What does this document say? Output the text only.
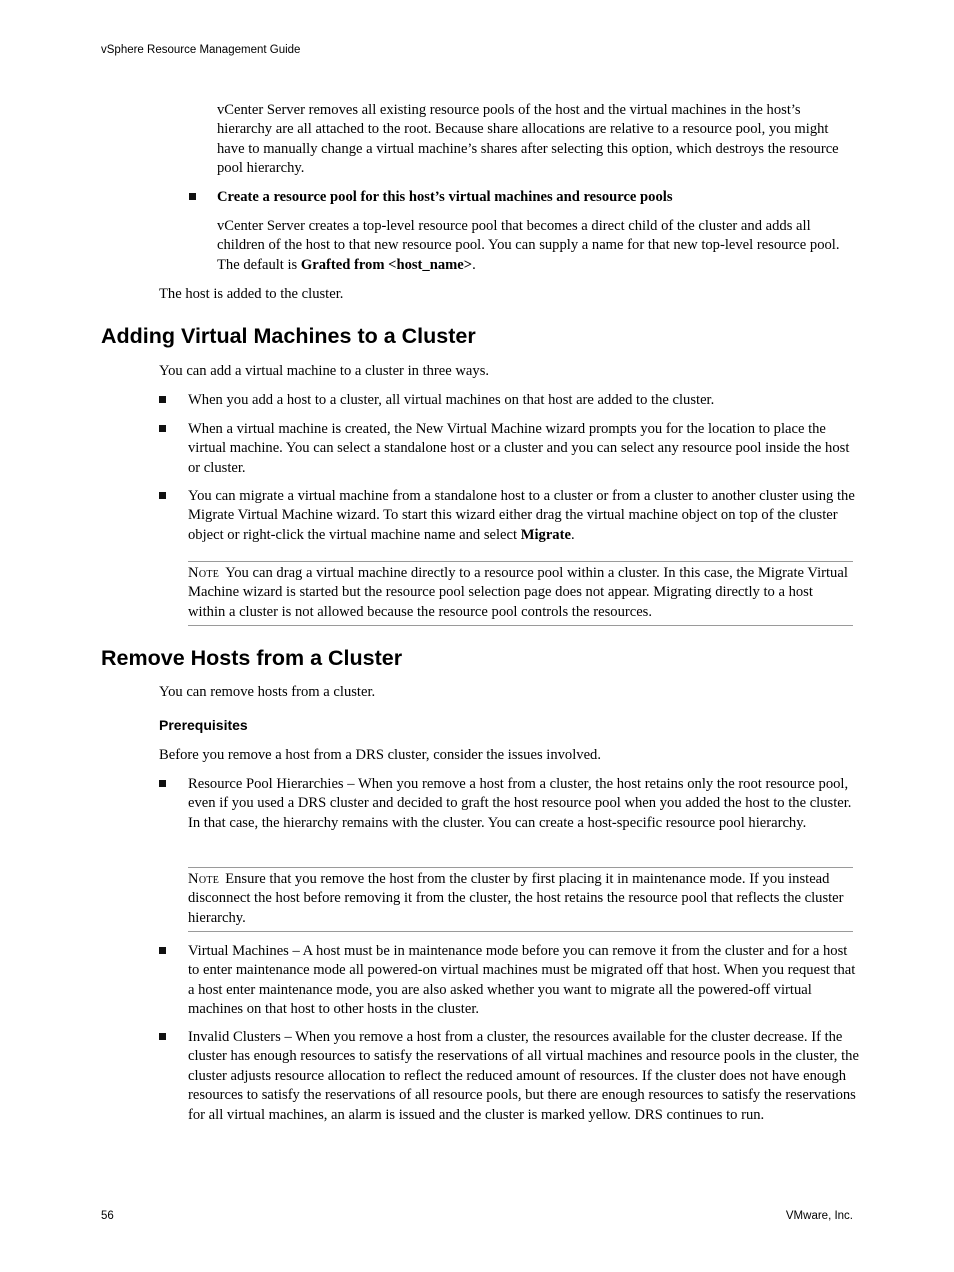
vSphere Resource Management Guide

vCenter Server removes all existing resource pools of the host and the virtual machines in the host’s hierarchy are all attached to the root. Because share allocations are relative to a resource pool, you might have to manually change a virtual machine’s shares after selecting this option, which destroys the resource pool hierarchy.

Create a resource pool for this host’s virtual machines and resource pools

vCenter Server creates a top-level resource pool that becomes a direct child of the cluster and adds all children of the host to that new resource pool. You can supply a name for that new top-level resource pool. The default is Grafted from <host_name>.

The host is added to the cluster.

Adding Virtual Machines to a Cluster

You can add a virtual machine to a cluster in three ways.

When you add a host to a cluster, all virtual machines on that host are added to the cluster.

When a virtual machine is created, the New Virtual Machine wizard prompts you for the location to place the virtual machine. You can select a standalone host or a cluster and you can select any resource pool inside the host or cluster.

You can migrate a virtual machine from a standalone host to a cluster or from a cluster to another cluster using the Migrate Virtual Machine wizard. To start this wizard either drag the virtual machine object on top of the cluster object or right-click the virtual machine name and select Migrate.

Note You can drag a virtual machine directly to a resource pool within a cluster. In this case, the Migrate Virtual Machine wizard is started but the resource pool selection page does not appear. Migrating directly to a host within a cluster is not allowed because the resource pool controls the resources.
Remove Hosts from a Cluster

You can remove hosts from a cluster.

Prerequisites

Before you remove a host from a DRS cluster, consider the issues involved.

Resource Pool Hierarchies – When you remove a host from a cluster, the host retains only the root resource pool, even if you used a DRS cluster and decided to graft the host resource pool when you added the host to the cluster. In that case, the hierarchy remains with the cluster. You can create a host-specific resource pool hierarchy.

Note Ensure that you remove the host from the cluster by first placing it in maintenance mode. If you instead disconnect the host before removing it from the cluster, the host retains the resource pool that reflects the cluster hierarchy.

Virtual Machines – A host must be in maintenance mode before you can remove it from the cluster and for a host to enter maintenance mode all powered-on virtual machines must be migrated off that host. When you request that a host enter maintenance mode, you are also asked whether you want to migrate all the powered-off virtual machines on that host to other hosts in the cluster.

Invalid Clusters – When you remove a host from a cluster, the resources available for the cluster decrease. If the cluster has enough resources to satisfy the reservations of all virtual machines and resource pools in the cluster, the cluster adjusts resource allocation to reflect the reduced amount of resources. If the cluster does not have enough resources to satisfy the reservations of all resource pools, but there are enough resources to satisfy the reservations for all virtual machines, an alarm is issued and the cluster is marked yellow. DRS continues to run.

56	VMware, Inc.
